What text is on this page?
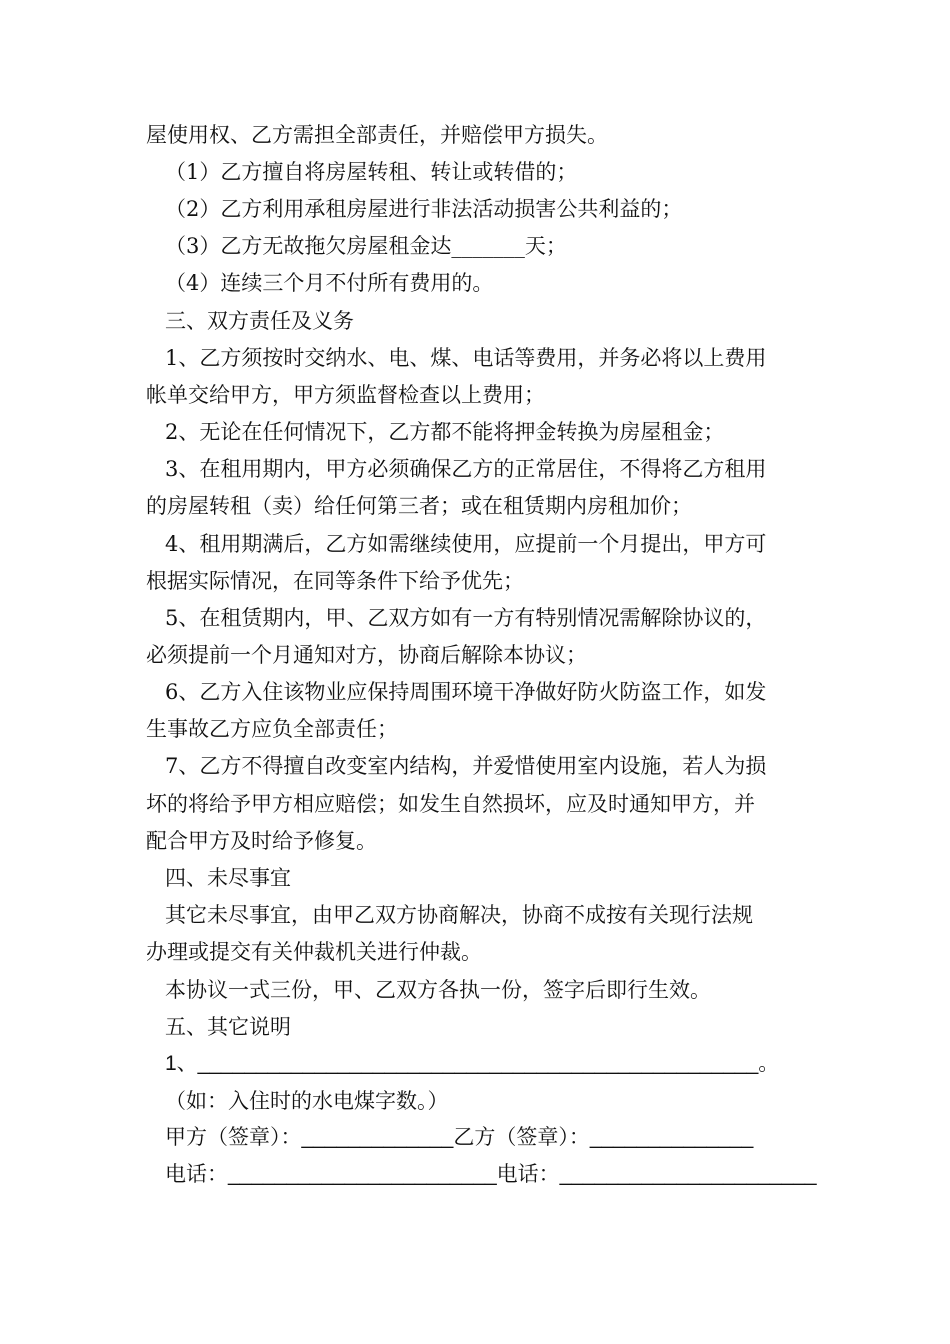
屋使用权、乙方需担全部责任，并赔偿甲方损失。
（1）乙方擅自将房屋转租、转让或转借的；
（2）乙方利用承租房屋进行非法活动损害公共利益的；
（3）乙方无故拖欠房屋租金达_______天；
（4）连续三个月不付所有费用的。
三、双方责任及义务
1、乙方须按时交纳水、电、煤、电话等费用，并务必将以上费用
帐单交给甲方，甲方须监督检查以上费用；
2、无论在任何情况下，乙方都不能将押金转换为房屋租金；
3、在租用期内，甲方必须确保乙方的正常居住，不得将乙方租用
的房屋转租（卖）给任何第三者；或在租赁期内房租加价；
4、租用期满后，乙方如需继续使用，应提前一个月提出，甲方可
根据实际情况，在同等条件下给予优先；
5、在租赁期内，甲、乙双方如有一方有特别情况需解除协议的，
必须提前一个月通知对方，协商后解除本协议；
6、乙方入住该物业应保持周围环境干净做好防火防盗工作，如发
生事故乙方应负全部责任；
7、乙方不得擅自改变室内结构，并爱惜使用室内设施，若人为损
坏的将给予甲方相应赔偿；如发生自然损坏，应及时通知甲方，并
配合甲方及时给予修复。
四、未尽事宜
其它未尽事宜，由甲乙双方协商解决，协商不成按有关现行法规
办理或提交有关仲裁机关进行仲裁。
本协议一式三份，甲、乙双方各执一份，签字后即行生效。
五、其它说明
1、________________________________________________。
（如：入住时的水电煤字数。）
甲方（签章）：_____________乙方（签章）：______________
电话：_______________________电话：______________________
